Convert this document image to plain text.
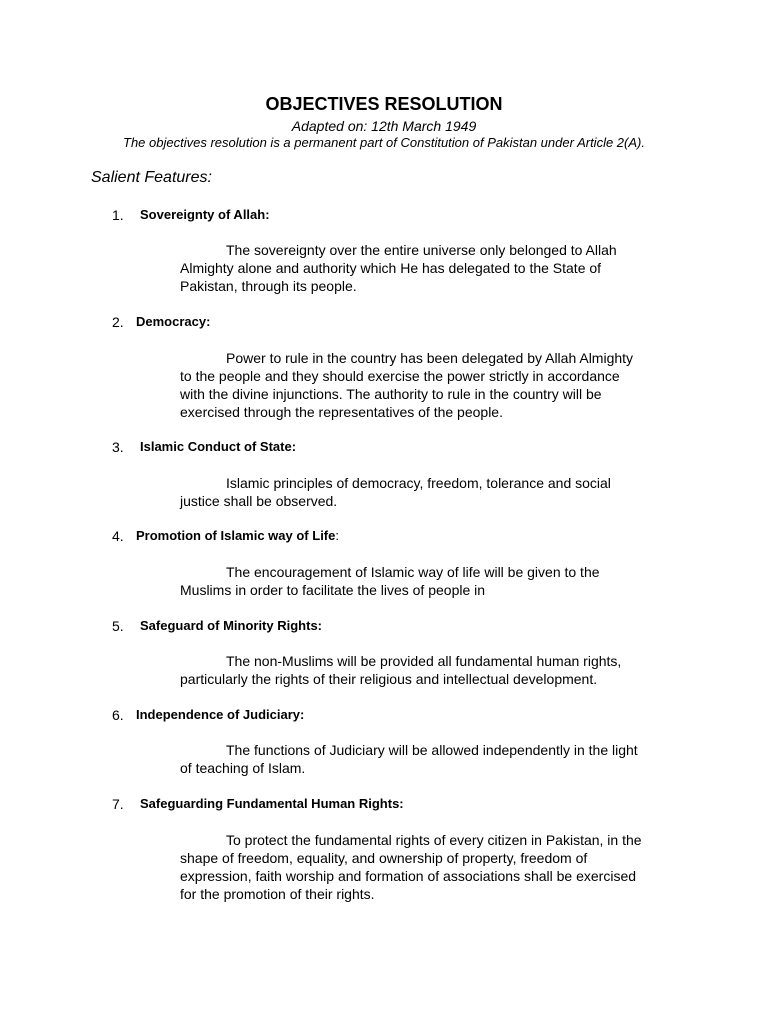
OBJECTIVES RESOLUTION
Adapted on: 12th March 1949
The objectives resolution is a permanent part of Constitution of Pakistan under Article 2(A).
Salient Features:
1. Sovereignty of Allah:
The sovereignty over the entire universe only belonged to Allah
Almighty alone and authority which He has delegated to the State of
Pakistan, through its people.
2. Democracy:
Power to rule in the country has been delegated by Allah Almighty
to the people and they should exercise the power strictly in accordance
with the divine injunctions. The authority to rule in the country will be
exercised through the representatives of the people.
3. Islamic Conduct of State:
Islamic principles of democracy, freedom, tolerance and social
justice shall be observed.
4. Promotion of Islamic way of Life:
The encouragement of Islamic way of life will be given to the
Muslims in order to facilitate the lives of people in
5. Safeguard of Minority Rights:
The non-Muslims will be provided all fundamental human rights,
particularly the rights of their religious and intellectual development.
6. Independence of Judiciary:
The functions of Judiciary will be allowed independently in the light
of teaching of Islam.
7. Safeguarding Fundamental Human Rights:
To protect the fundamental rights of every citizen in Pakistan, in the
shape of freedom, equality, and ownership of property, freedom of
expression, faith worship and formation of associations shall be exercised
for the promotion of their rights.
